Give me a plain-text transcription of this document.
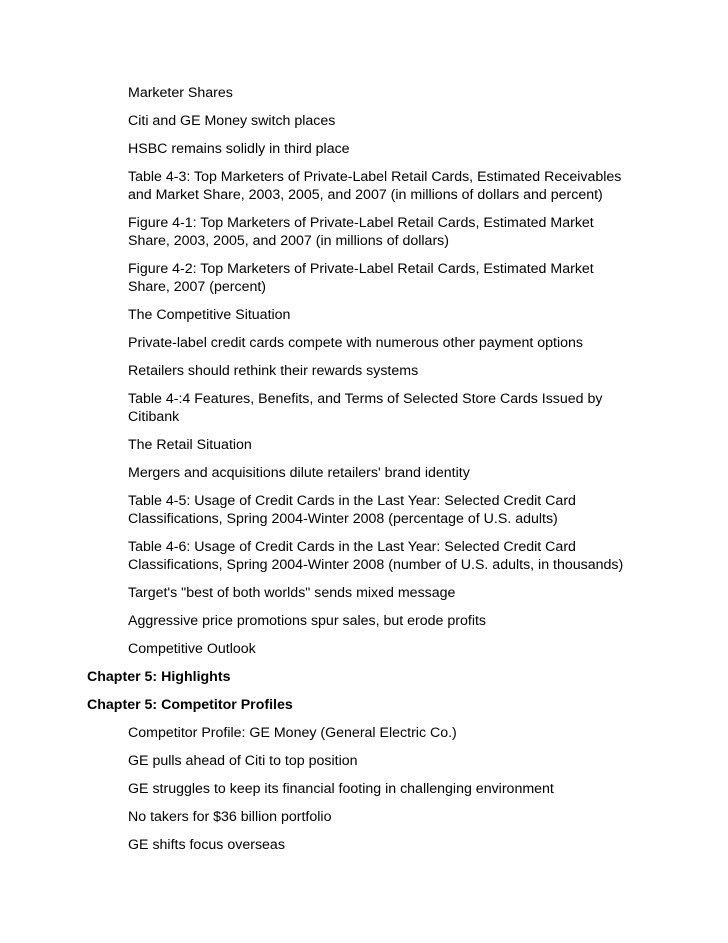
Marketer Shares
Citi and GE Money switch places
HSBC remains solidly in third place
Table 4-3: Top Marketers of Private-Label Retail Cards, Estimated Receivables and Market Share, 2003, 2005, and 2007 (in millions of dollars and percent)
Figure 4-1: Top Marketers of Private-Label Retail Cards, Estimated Market Share, 2003, 2005, and 2007 (in millions of dollars)
Figure 4-2: Top Marketers of Private-Label Retail Cards, Estimated Market Share, 2007 (percent)
The Competitive Situation
Private-label credit cards compete with numerous other payment options
Retailers should rethink their rewards systems
Table 4-:4 Features, Benefits, and Terms of Selected Store Cards Issued by Citibank
The Retail Situation
Mergers and acquisitions dilute retailers' brand identity
Table 4-5: Usage of Credit Cards in the Last Year: Selected Credit Card Classifications, Spring 2004-Winter 2008 (percentage of U.S. adults)
Table 4-6: Usage of Credit Cards in the Last Year: Selected Credit Card Classifications, Spring 2004-Winter 2008 (number of U.S. adults, in thousands)
Target's "best of both worlds" sends mixed message
Aggressive price promotions spur sales, but erode profits
Competitive Outlook
Chapter 5: Highlights
Chapter 5: Competitor Profiles
Competitor Profile: GE Money (General Electric Co.)
GE pulls ahead of Citi to top position
GE struggles to keep its financial footing in challenging environment
No takers for $36 billion portfolio
GE shifts focus overseas
